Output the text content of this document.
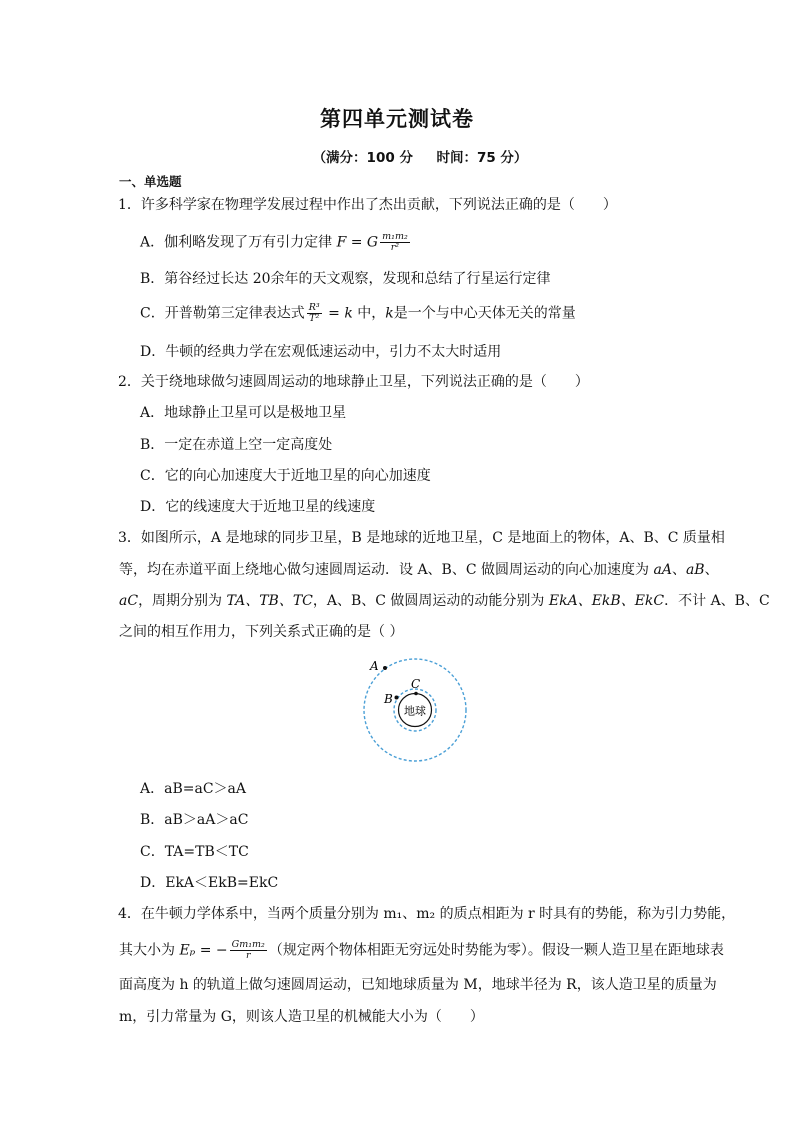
第四单元测试卷
（满分：100 分     时间：75 分）
一、单选题
1．许多科学家在物理学发展过程中作出了杰出贡献，下列说法正确的是（　　）
A．伽利略发现了万有引力定律 F = G $\frac{\text{m₁m₂}}{\text{r²}}$
B．第谷经过长达 20余年的天文观察，发现和总结了行星运行定律
C．开普勒第三定律表达式 $\frac{\text{R³}}{\text{T²}} = k$ 中，k是一个与中心天体无关的常量
D．牛顿的经典力学在宏观低速运动中，引力不太大时适用
2．关于绕地球做匀速圆周运动的地球静止卫星，下列说法正确的是（　　）
A．地球静止卫星可以是极地卫星
B．一定在赤道上空一定高度处
C．它的向心加速度大于近地卫星的向心加速度
D．它的线速度大于近地卫星的线速度
3．如图所示，A 是地球的同步卫星，B 是地球的近地卫星，C 是地面上的物体，A、B、C 质量相
等，均在赤道平面上绕地心做匀速圆周运动．设 A、B、C 做圆周运动的向心加速度为 aA、aB、
aC，周期分别为 TA、TB、TC，A、B、C 做圆周运动的动能分别为 EkA、EkB、EkC．不计 A、B、C
之间的相互作用力，下列关系式正确的是（ ）
A
B
C
地球
A．aB=aC＞aA
B．aB＞aA＞aC
C．TA=TB＜TC
D．EkA＜EkB=EkC
4．在牛顿力学体系中，当两个质量分别为 m₁、m₂ 的质点相距为 r 时具有的势能，称为引力势能，
其大小为 Eₚ = − $\frac{\text{Gm₁m₂}}{r}$ （规定两个物体相距无穷远处时势能为零）。假设一颗人造卫星在距地球表
面高度为 h 的轨道上做匀速圆周运动，已知地球质量为 M，地球半径为 R，该人造卫星的质量为
m，引力常量为 G，则该人造卫星的机械能大小为（　　）
